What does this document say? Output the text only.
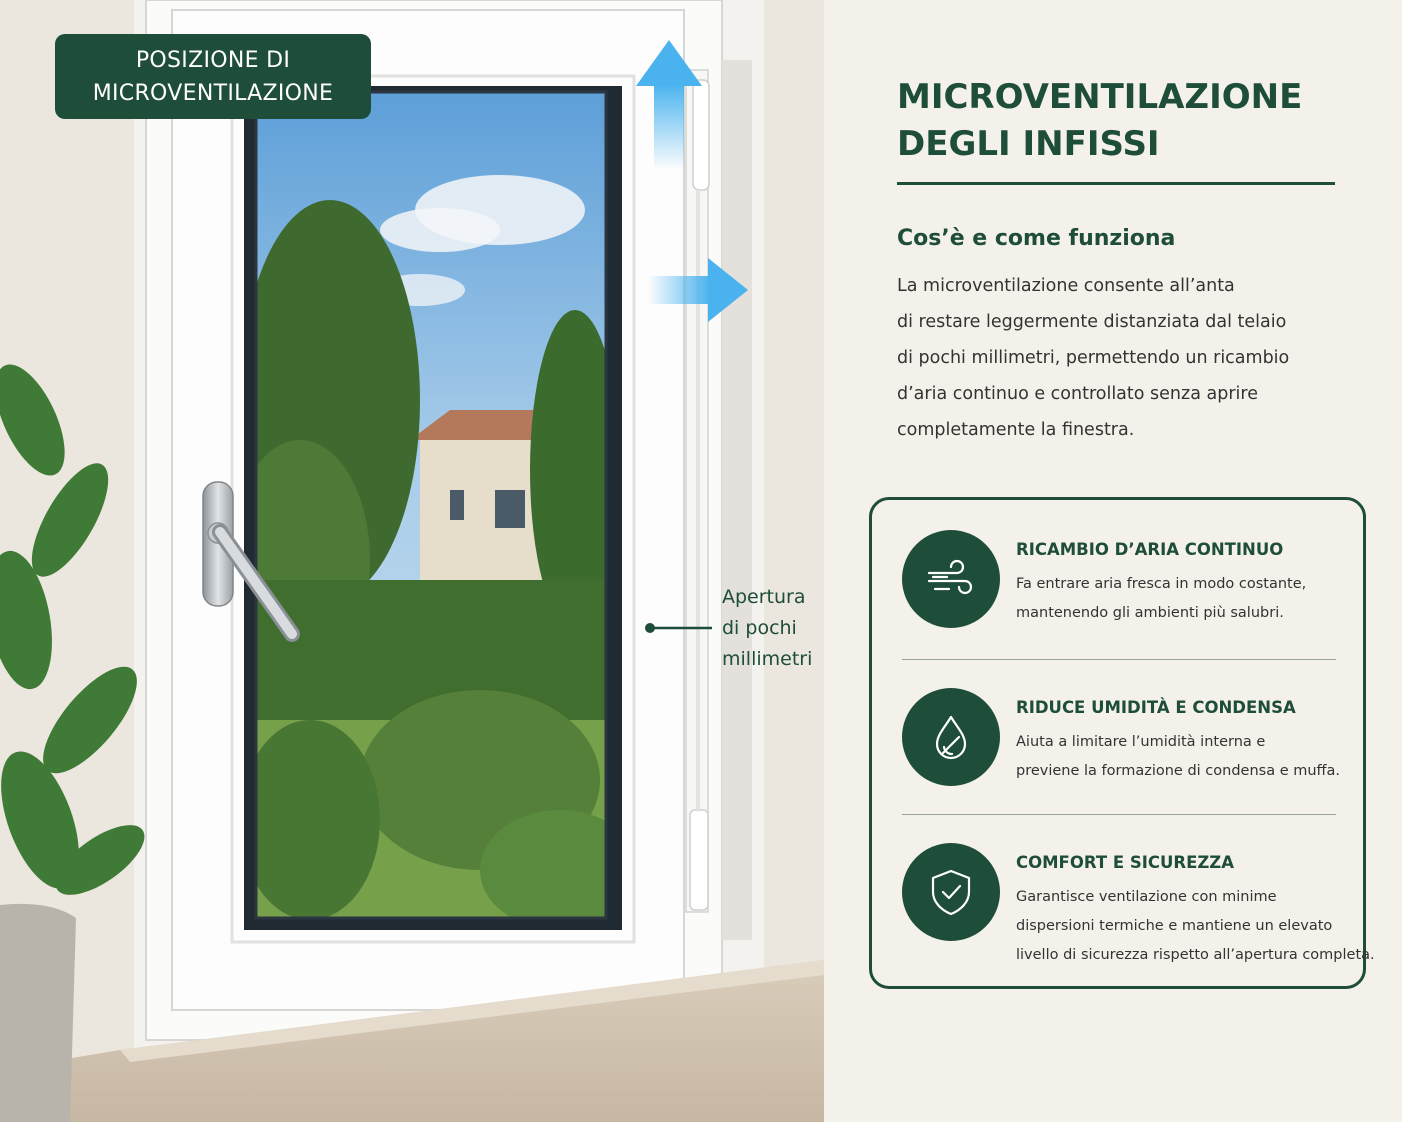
POSIZIONE DI
MICROVENTILAZIONE
Apertura
di pochi
millimetri
MICROVENTILAZIONE
DEGLI INFISSI
Cos’è e come funziona

La microventilazione consente all’anta
di restare leggermente distanziata dal telaio
di pochi millimetri, permettendo un ricambio
d’aria continuo e controllato senza aprire
completamente la finestra.

RICAMBIO D’ARIA CONTINUO
Fa entrare aria fresca in modo costante,
mantenendo gli ambienti più salubri.
RIDUCE UMIDITÀ E CONDENSA
Aiuta a limitare l’umidità interna e
previene la formazione di condensa e muffa.
COMFORT E SICUREZZA
Garantisce ventilazione con minime
dispersioni termiche e mantiene un elevato
livello di sicurezza rispetto all’apertura completa.
